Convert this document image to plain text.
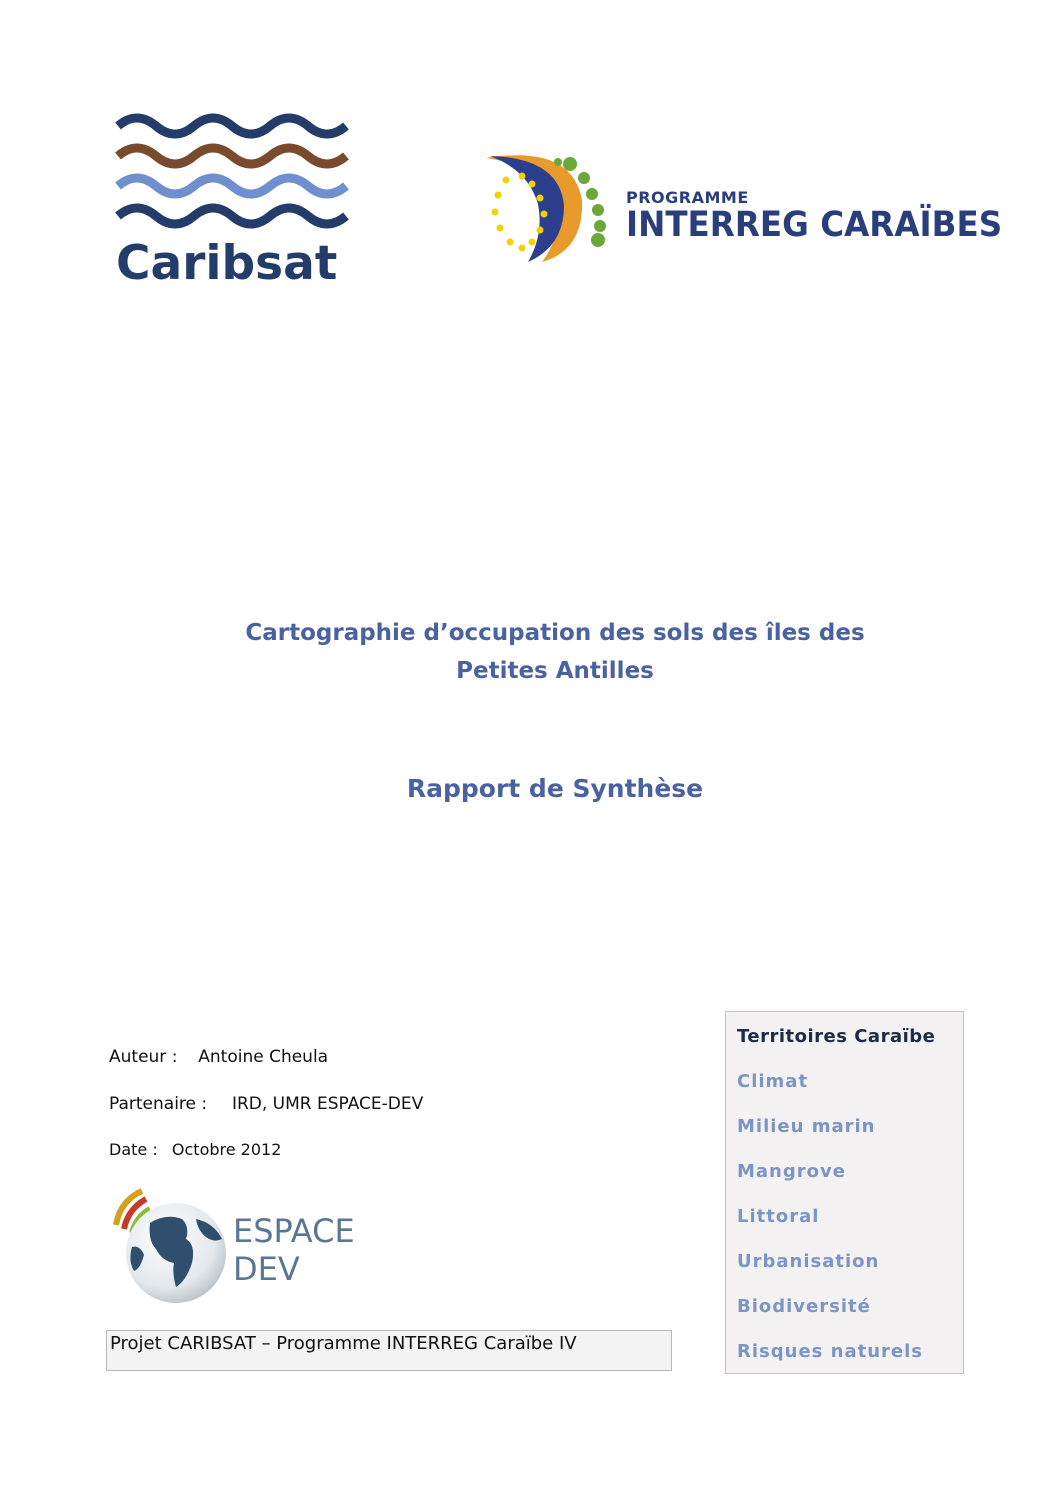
Caribsat
PROGRAMME
INTERREG CARAÏBES
Cartographie d’occupation des sols des îles des
Petites Antilles
Rapport de Synthèse
Auteur : Antoine Cheula
Partenaire : IRD, UMR ESPACE-DEV
Date : Octobre 2012
ESPACE
DEV
Projet CARIBSAT – Programme INTERREG Caraïbe IV
Territoires Caraïbe
Climat
Milieu marin
Mangrove
Littoral
Urbanisation
Biodiversité
Risques naturels
